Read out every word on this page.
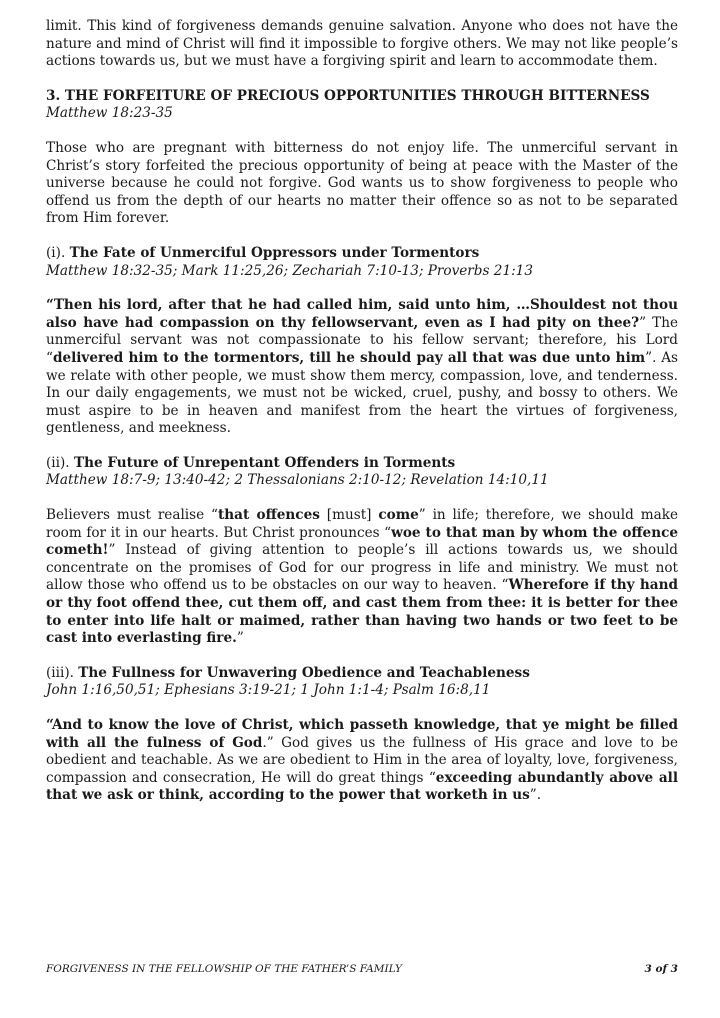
limit. This kind of forgiveness demands genuine salvation. Anyone who does not have the nature and mind of Christ will find it impossible to forgive others. We may not like people’s actions towards us, but we must have a forgiving spirit and learn to accommodate them.

3. THE FORFEITURE OF PRECIOUS OPPORTUNITIES THROUGH BITTERNESS

Matthew 18:23-35

Those who are pregnant with bitterness do not enjoy life. The unmerciful servant in Christ’s story forfeited the precious opportunity of being at peace with the Master of the universe because he could not forgive. God wants us to show forgiveness to people who offend us from the depth of our hearts no matter their offence so as not to be separated from Him forever.

(i). The Fate of Unmerciful Oppressors under Tormentors

Matthew 18:32-35; Mark 11:25,26; Zechariah 7:10-13; Proverbs 21:13

“Then his lord, after that he had called him, said unto him, …Shouldest not thou also have had compassion on thy fellowservant, even as I had pity on thee?” The unmerciful servant was not compassionate to his fellow servant; therefore, his Lord “delivered him to the tormentors, till he should pay all that was due unto him”. As we relate with other people, we must show them mercy, compassion, love, and tenderness. In our daily engagements, we must not be wicked, cruel, pushy, and bossy to others. We must aspire to be in heaven and manifest from the heart the virtues of forgiveness, gentleness, and meekness.

(ii). The Future of Unrepentant Offenders in Torments

Matthew 18:7-9; 13:40-42; 2 Thessalonians 2:10-12; Revelation 14:10,11

Believers must realise “that offences [must] come” in life; therefore, we should make room for it in our hearts. But Christ pronounces “woe to that man by whom the offence cometh!” Instead of giving attention to people’s ill actions towards us, we should concentrate on the promises of God for our progress in life and ministry. We must not allow those who offend us to be obstacles on our way to heaven. “Wherefore if thy hand or thy foot offend thee, cut them off, and cast them from thee: it is better for thee to enter into life halt or maimed, rather than having two hands or two feet to be cast into everlasting fire.”

(iii). The Fullness for Unwavering Obedience and Teachableness

John 1:16,50,51; Ephesians 3:19-21; 1 John 1:1-4; Psalm 16:8,11

“And to know the love of Christ, which passeth knowledge, that ye might be filled with all the fulness of God.” God gives us the fullness of His grace and love to be obedient and teachable. As we are obedient to Him in the area of loyalty, love, forgiveness, compassion and consecration, He will do great things “exceeding abundantly above all that we ask or think, according to the power that worketh in us”.

FORGIVENESS IN THE FELLOWSHIP OF THE FATHER’S FAMILY	3 of 3
